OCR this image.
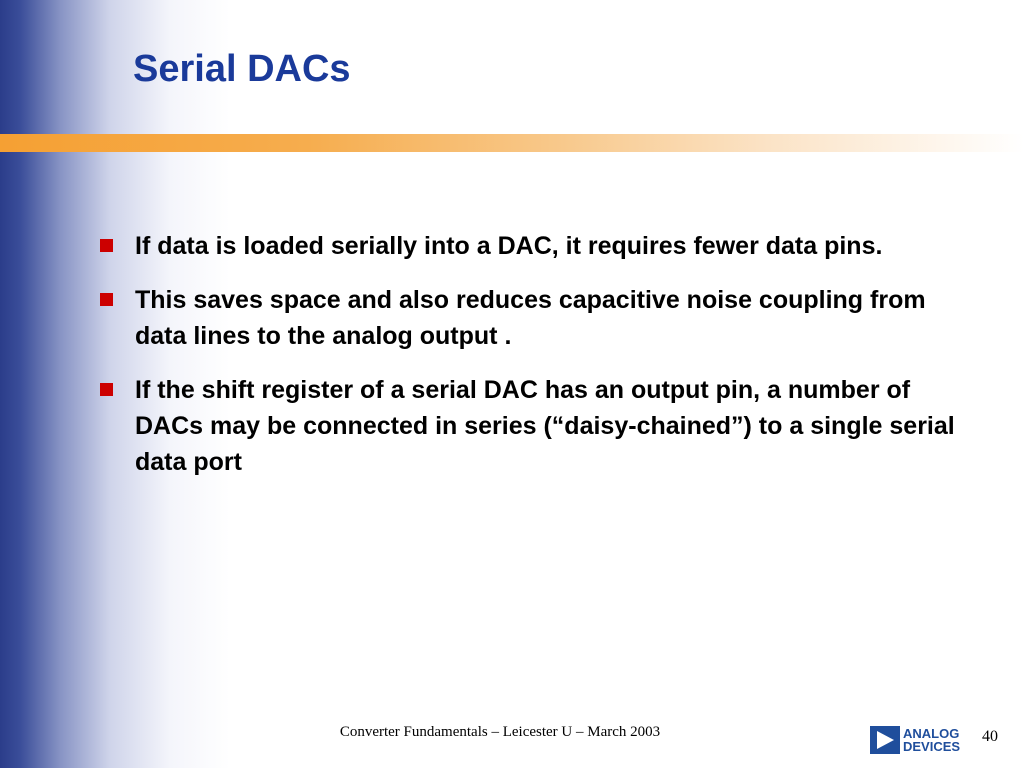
Serial DACs
If data is loaded serially into a DAC, it requires fewer data pins.
This saves space and also reduces capacitive noise coupling from data lines to the analog output .
If the shift register of a serial DAC has an output pin, a number of DACs may be connected in series (“daisy-chained”) to a single serial data port
Converter Fundamentals – Leicester U – March 2003	ANALOG
DEVICES
40
